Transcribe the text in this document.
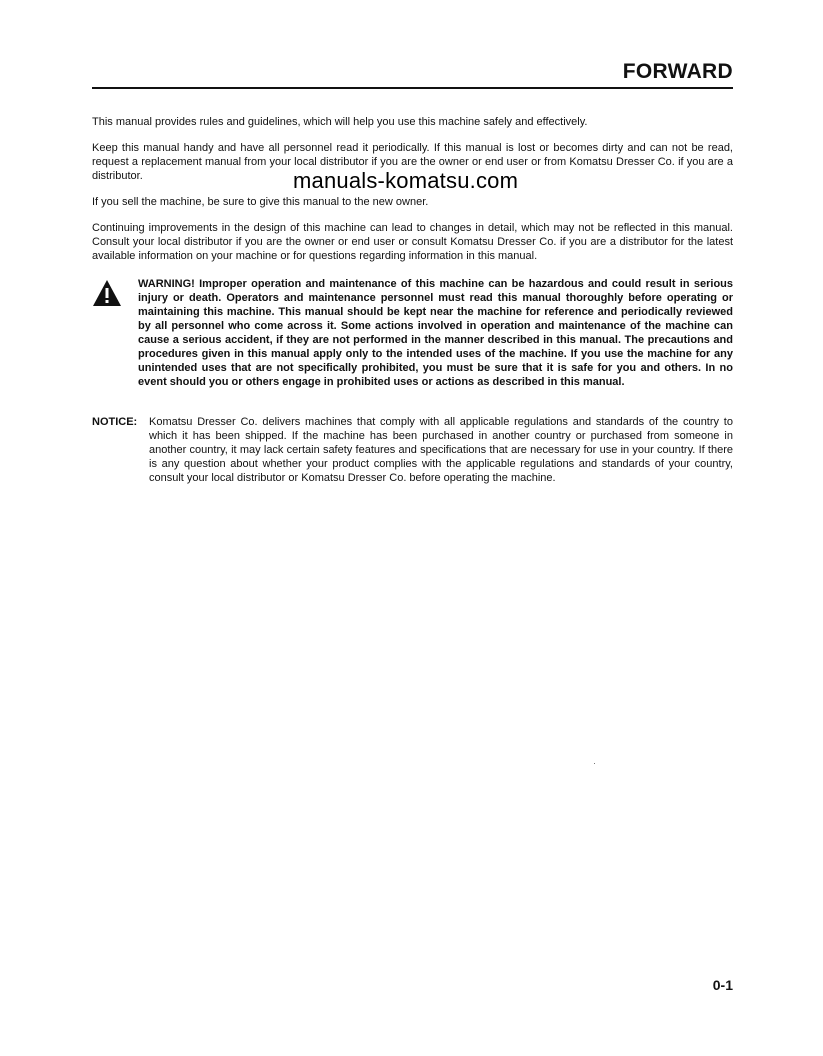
FORWARD

This manual provides rules and guidelines, which will help you use this machine safely and effectively.

Keep this manual handy and have all personnel read it periodically. If this manual is lost or becomes dirty and can not be read, request a replacement manual from your local distributor if you are the owner or end user or from Komatsu Dresser Co. if you are a distributor.

If you sell the machine, be sure to give this manual to the new owner.

Continuing improvements in the design of this machine can lead to changes in detail, which may not be reflected in this manual. Consult your local distributor if you are the owner or end user or consult Komatsu Dresser Co. if you are a distributor for the latest available information on your machine or for questions regarding information in this manual.

WARNING! Improper operation and maintenance of this machine can be hazardous and could result in serious injury or death. Operators and maintenance personnel must read this manual thoroughly before operating or maintaining this machine. This manual should be kept near the machine for reference and periodically reviewed by all personnel who come across it. Some actions involved in operation and maintenance of the machine can cause a serious accident, if they are not performed in the manner described in this manual. The precautions and procedures given in this manual apply only to the intended uses of the machine. If you use the machine for any unintended uses that are not specifically prohibited, you must be sure that it is safe for you and others. In no event should you or others engage in prohibited uses or actions as described in this manual.

NOTICE:	Komatsu Dresser Co. delivers machines that comply with all applicable regulations and standards of the country to which it has been shipped. If the machine has been purchased in another country or purchased from someone in another country, it may lack certain safety features and specifications that are necessary for use in your country. If there is any question about whether your product complies with the applicable regulations and standards of your country, consult your local distributor or Komatsu Dresser Co. before operating the machine.

manuals-komatsu.com
0-1
